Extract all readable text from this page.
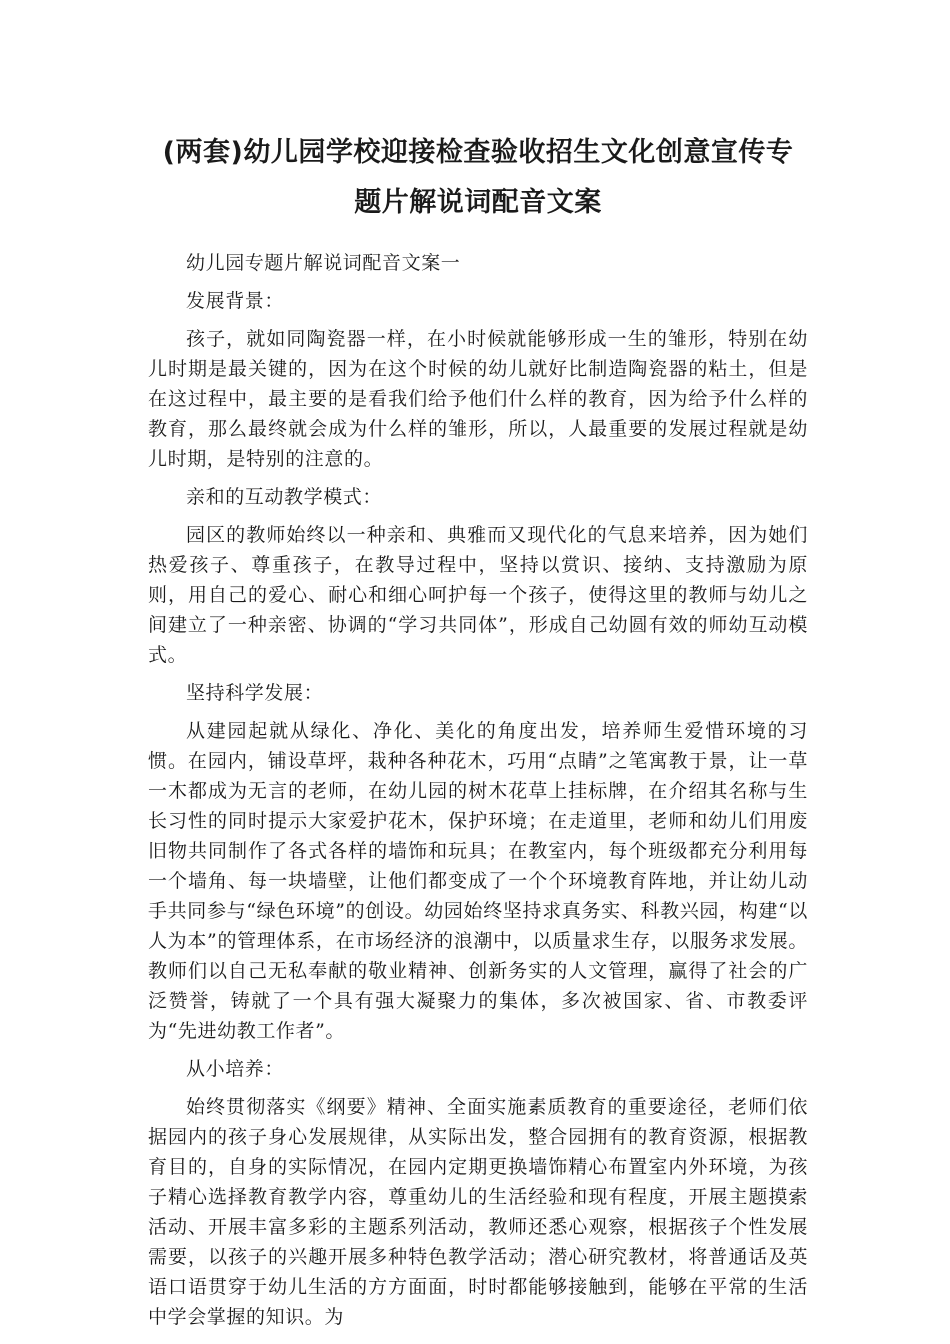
(两套)幼儿园学校迎接检查验收招生文化创意宣传专
题片解说词配音文案

幼儿园专题片解说词配音文案一

发展背景：

孩子，就如同陶瓷器一样，在小时候就能够形成一生的雏形，特别在幼儿时期是最关键的，因为在这个时候的幼儿就好比制造陶瓷器的粘土，但是在这过程中，最主要的是看我们给予他们什么样的教育，因为给予什么样的教育，那么最终就会成为什么样的雏形，所以，人最重要的发展过程就是幼儿时期，是特别的注意的。

亲和的互动教学模式：

园区的教师始终以一种亲和、典雅而又现代化的气息来培养，因为她们热爱孩子、尊重孩子，在教导过程中，坚持以赏识、接纳、支持激励为原则，用自己的爱心、耐心和细心呵护每一个孩子，使得这里的教师与幼儿之间建立了一种亲密、协调的“学习共同体”，形成自己幼圆有效的师幼互动模式。

坚持科学发展：

从建园起就从绿化、净化、美化的角度出发，培养师生爱惜环境的习惯。在园内，铺设草坪，栽种各种花木，巧用“点睛”之笔寓教于景，让一草一木都成为无言的老师，在幼儿园的树木花草上挂标牌，在介绍其名称与生长习性的同时提示大家爱护花木，保护环境；在走道里，老师和幼儿们用废旧物共同制作了各式各样的墙饰和玩具；在教室内，每个班级都充分利用每一个墙角、每一块墙壁，让他们都变成了一个个环境教育阵地，并让幼儿动手共同参与“绿色环境”的创设。幼园始终坚持求真务实、科教兴园，构建“以人为本”的管理体系，在市场经济的浪潮中，以质量求生存，以服务求发展。教师们以自己无私奉献的敬业精神、创新务实的人文管理，赢得了社会的广泛赞誉，铸就了一个具有强大凝聚力的集体，多次被国家、省、市教委评为“先进幼教工作者”。

从小培养：

始终贯彻落实《纲要》精神、全面实施素质教育的重要途径，老师们依据园内的孩子身心发展规律，从实际出发，整合园拥有的教育资源，根据教育目的，自身的实际情况，在园内定期更换墙饰精心布置室内外环境，为孩子精心选择教育教学内容，尊重幼儿的生活经验和现有程度，开展主题摸索活动、开展丰富多彩的主题系列活动，教师还悉心观察，根据孩子个性发展需要，以孩子的兴趣开展多种特色教学活动；潜心研究教材，将普通话及英语口语贯穿于幼儿生活的方方面面，时时都能够接触到，能够在平常的生活中学会掌握的知识。为
